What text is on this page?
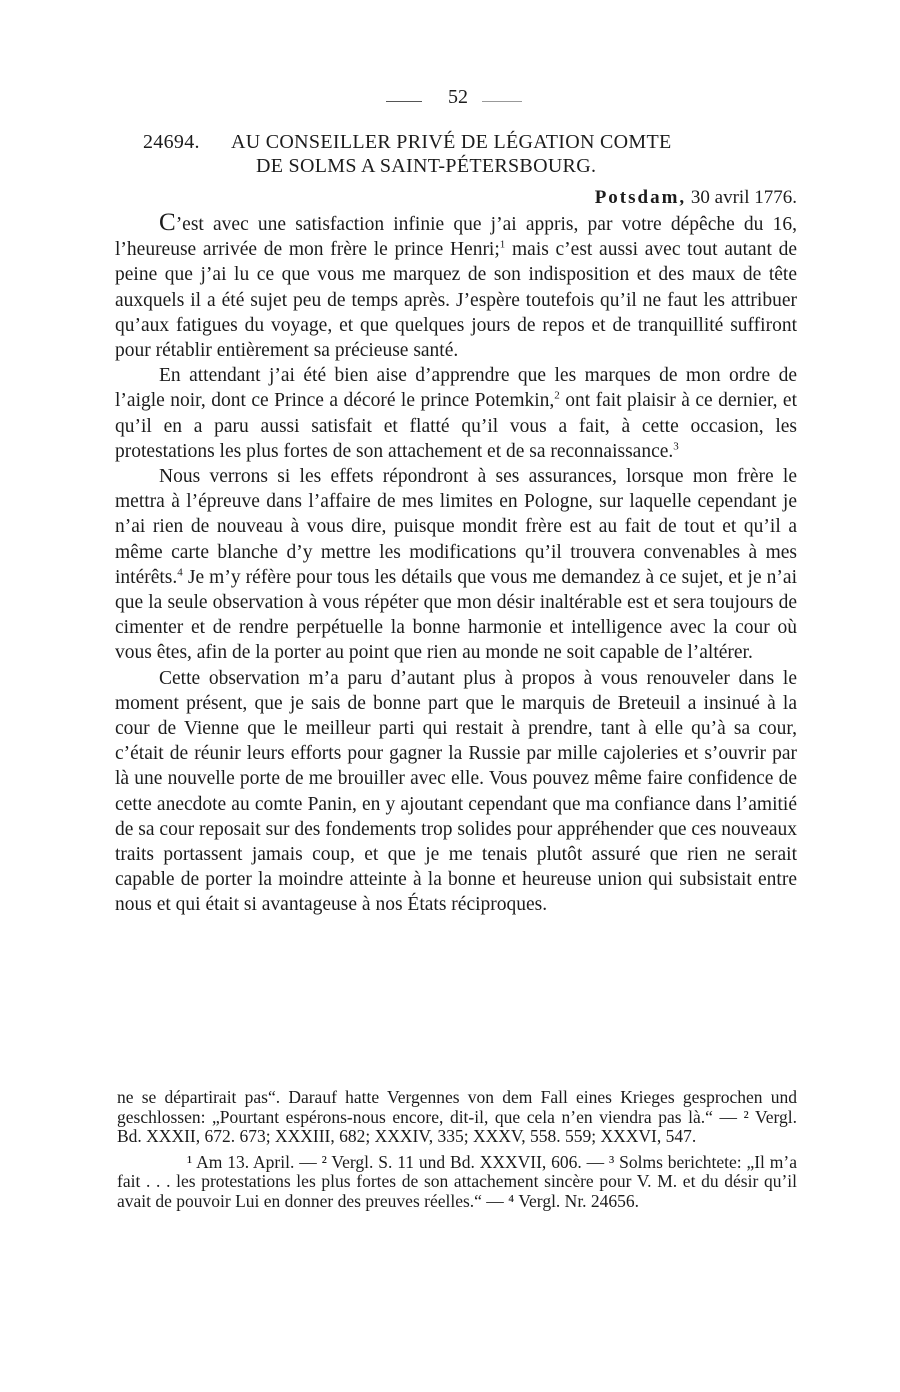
52
24694. AU CONSEILLER PRIVÉ DE LÉGATION COMTE
DE SOLMS A SAINT-PÉTERSBOURG.
Potsdam, 30 avril 1776.

C’est avec une satisfaction infinie que j’ai appris, par votre dépêche du 16, l’heureuse arrivée de mon frère le prince Henri;$^1$ mais c’est aussi avec tout autant de peine que j’ai lu ce que vous me marquez de son indisposition et des maux de tête auxquels il a été sujet peu de temps après. J’espère toutefois qu’il ne faut les attribuer qu’aux fatigues du voyage, et que quelques jours de repos et de tranquillité suffiront pour rétablir entièrement sa précieuse santé.

En attendant j’ai été bien aise d’apprendre que les marques de mon ordre de l’aigle noir, dont ce Prince a décoré le prince Potemkin,$^2$ ont fait plaisir à ce dernier, et qu’il en a paru aussi satisfait et flatté qu’il vous a fait, à cette occasion, les protestations les plus fortes de son attachement et de sa reconnaissance.$^3$

Nous verrons si les effets répondront à ses assurances, lorsque mon frère le mettra à l’épreuve dans l’affaire de mes limites en Pologne, sur laquelle cependant je n’ai rien de nouveau à vous dire, puisque mondit frère est au fait de tout et qu’il a même carte blanche d’y mettre les modifications qu’il trouvera convenables à mes intérêts.$^4$ Je m’y réfère pour tous les détails que vous me demandez à ce sujet, et je n’ai que la seule observation à vous répéter que mon désir inaltérable est et sera toujours de cimenter et de rendre perpétuelle la bonne harmonie et intelligence avec la cour où vous êtes, afin de la porter au point que rien au monde ne soit capable de l’altérer.

Cette observation m’a paru d’autant plus à propos à vous renouveler dans le moment présent, que je sais de bonne part que le marquis de Breteuil a insinué à la cour de Vienne que le meilleur parti qui restait à prendre, tant à elle qu’à sa cour, c’était de réunir leurs efforts pour gagner la Russie par mille cajoleries et s’ouvrir par là une nouvelle porte de me brouiller avec elle. Vous pouvez même faire confidence de cette anecdote au comte Panin, en y ajoutant cependant que ma confiance dans l’amitié de sa cour reposait sur des fondements trop solides pour appréhender que ces nouveaux traits portassent jamais coup, et que je me tenais plutôt assuré que rien ne serait capable de porter la moindre atteinte à la bonne et heureuse union qui subsistait entre nous et qui était si avantageuse à nos États réciproques.

ne se départirait pas“. Darauf hatte Vergennes von dem Fall eines Krieges gesprochen und geschlossen: „Pourtant espérons-nous encore, dit-il, que cela n’en viendra pas là.“ — ² Vergl. Bd. XXXII, 672. 673; XXXIII, 682; XXXIV, 335; XXXV, 558. 559; XXXVI, 547.

¹ Am 13. April. — ² Vergl. S. 11 und Bd. XXXVII, 606. — ³ Solms berichtete: „Il m’a fait . . . les protestations les plus fortes de son attachement sincère pour V. M. et du désir qu’il avait de pouvoir Lui en donner des preuves réelles.“ — ⁴ Vergl. Nr. 24656.
